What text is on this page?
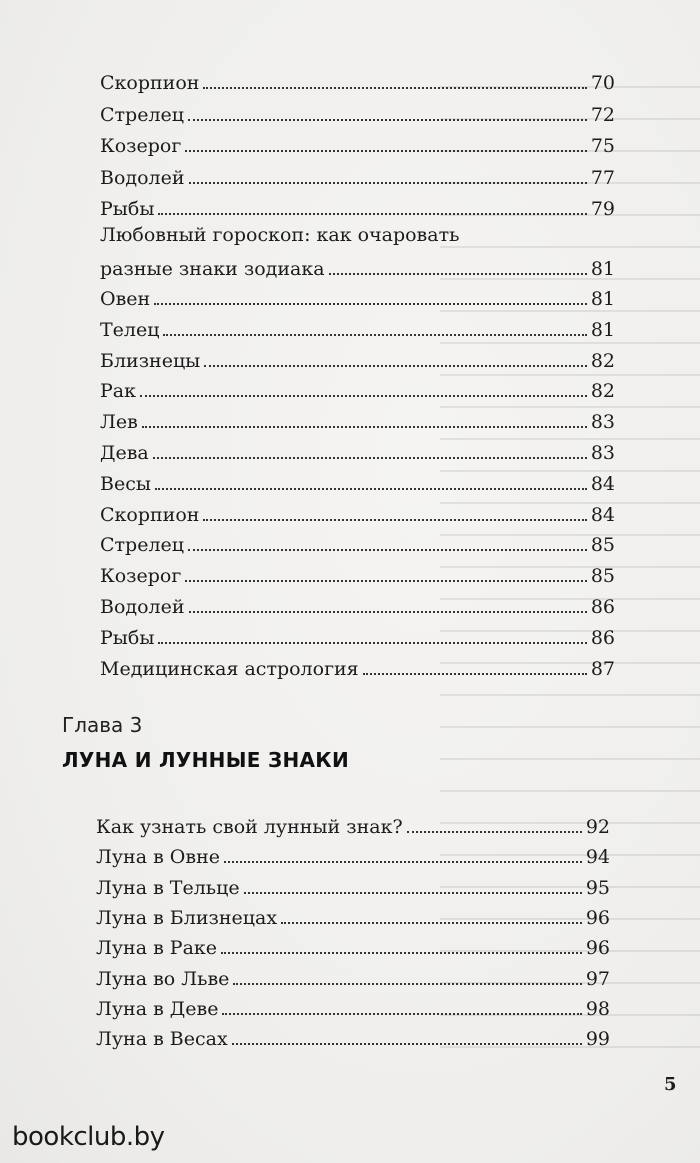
Скорпион	70
Стрелец	72
Козерог	75
Водолей	77
Рыбы	79
Любовный гороскоп: как очаровать
разные знаки зодиака	81
Овен	81
Телец	81
Близнецы	82
Рак	82
Лев	83
Дева	83
Весы	84
Скорпион	84
Стрелец	85
Козерог	85
Водолей	86
Рыбы	86
Медицинская астрология	87
Глава 3
ЛУНА И ЛУННЫЕ ЗНАКИ
Как узнать свой лунный знак?	92
Луна в Овне	94
Луна в Тельце	95
Луна в Близнецах	96
Луна в Раке	96
Луна во Льве	97
Луна в Деве	98
Луна в Весах	99
5
bookclub.by
